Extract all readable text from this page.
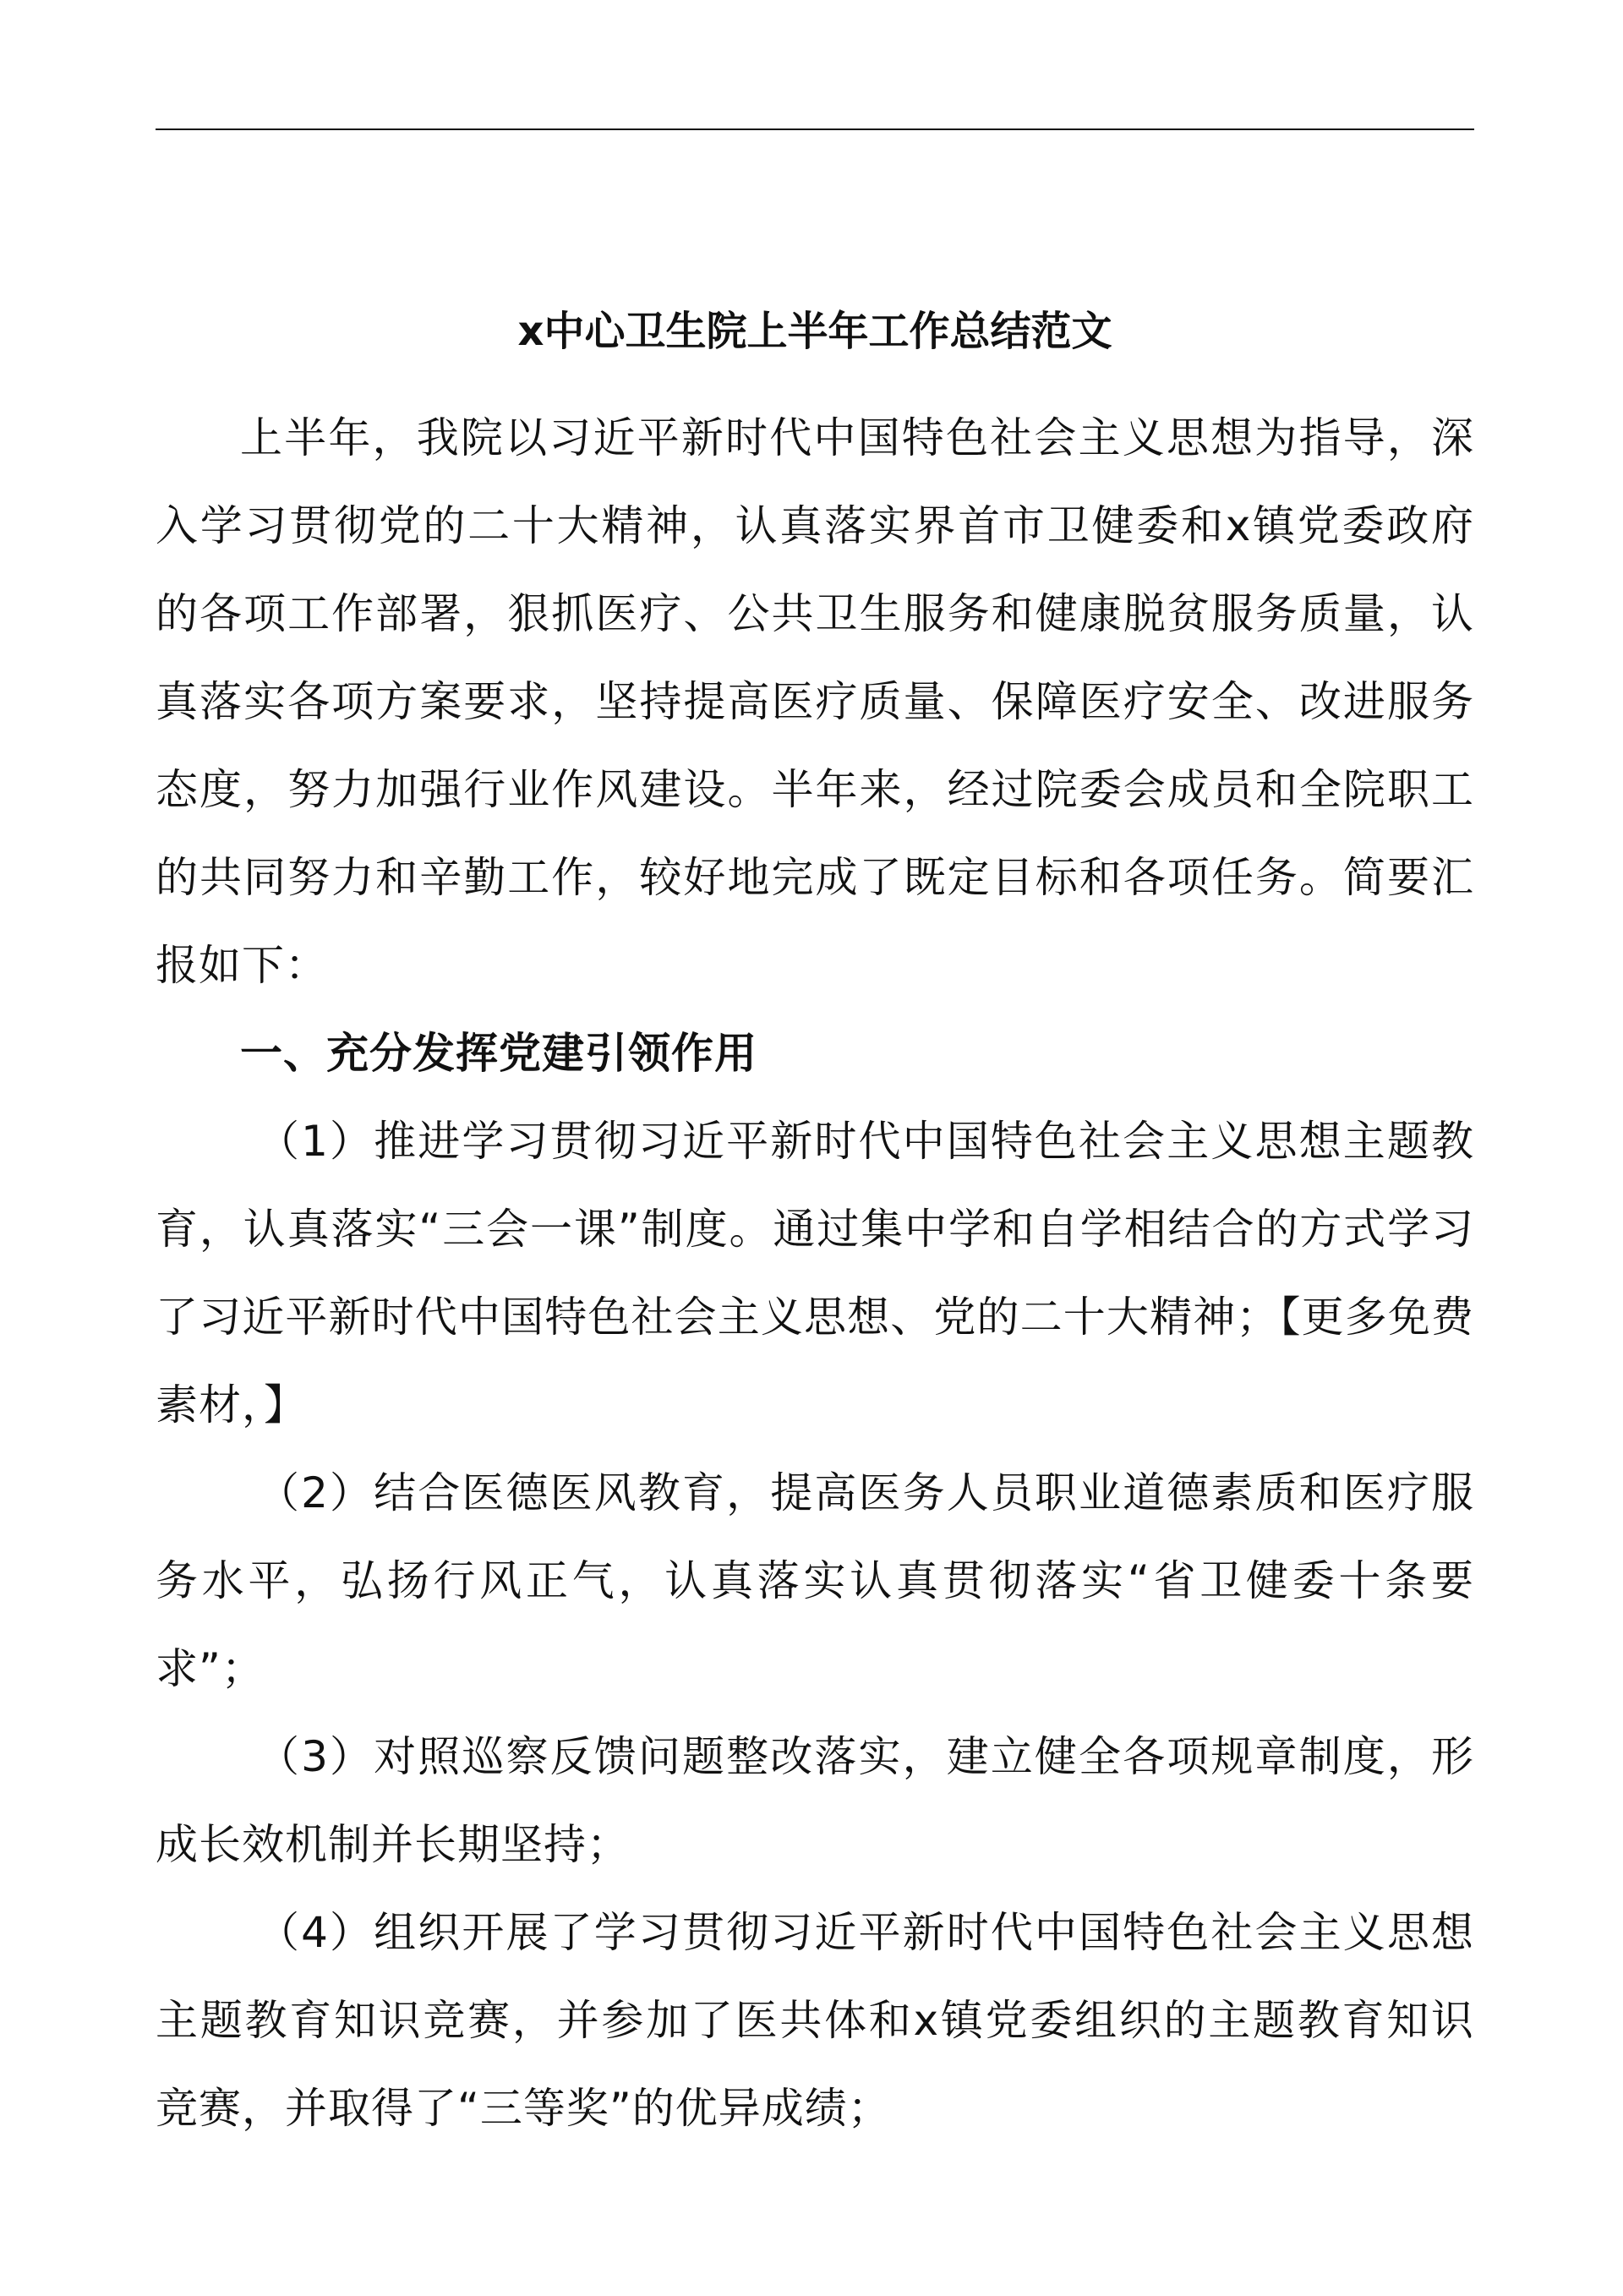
x中心卫生院上半年工作总结范文

上半年，我院以习近平新时代中国特色社会主义思想为指导，深入学习贯彻党的二十大精神，认真落实界首市卫健委和x镇党委政府的各项工作部署，狠抓医疗、公共卫生服务和健康脱贫服务质量，认真落实各项方案要求，坚持提高医疗质量、保障医疗安全、改进服务态度，努力加强行业作风建设。半年来，经过院委会成员和全院职工的共同努力和辛勤工作，较好地完成了既定目标和各项任务。简要汇报如下：

一、充分发挥党建引领作用

（1）推进学习贯彻习近平新时代中国特色社会主义思想主题教育，认真落实“三会一课”制度。通过集中学和自学相结合的方式学习了习近平新时代中国特色社会主义思想、党的二十大精神；【更多免费 素材，】

（2）结合医德医风教育，提高医务人员职业道德素质和医疗服务水平，弘扬行风正气，认真落实认真贯彻落实“省卫健委十条要求”；

（3）对照巡察反馈问题整改落实，建立健全各项规章制度，形成长效机制并长期坚持；

（4）组织开展了学习贯彻习近平新时代中国特色社会主义思想主题教育知识竞赛，并参加了医共体和x镇党委组织的主题教育知识竞赛，并取得了“三等奖”的优异成绩；
